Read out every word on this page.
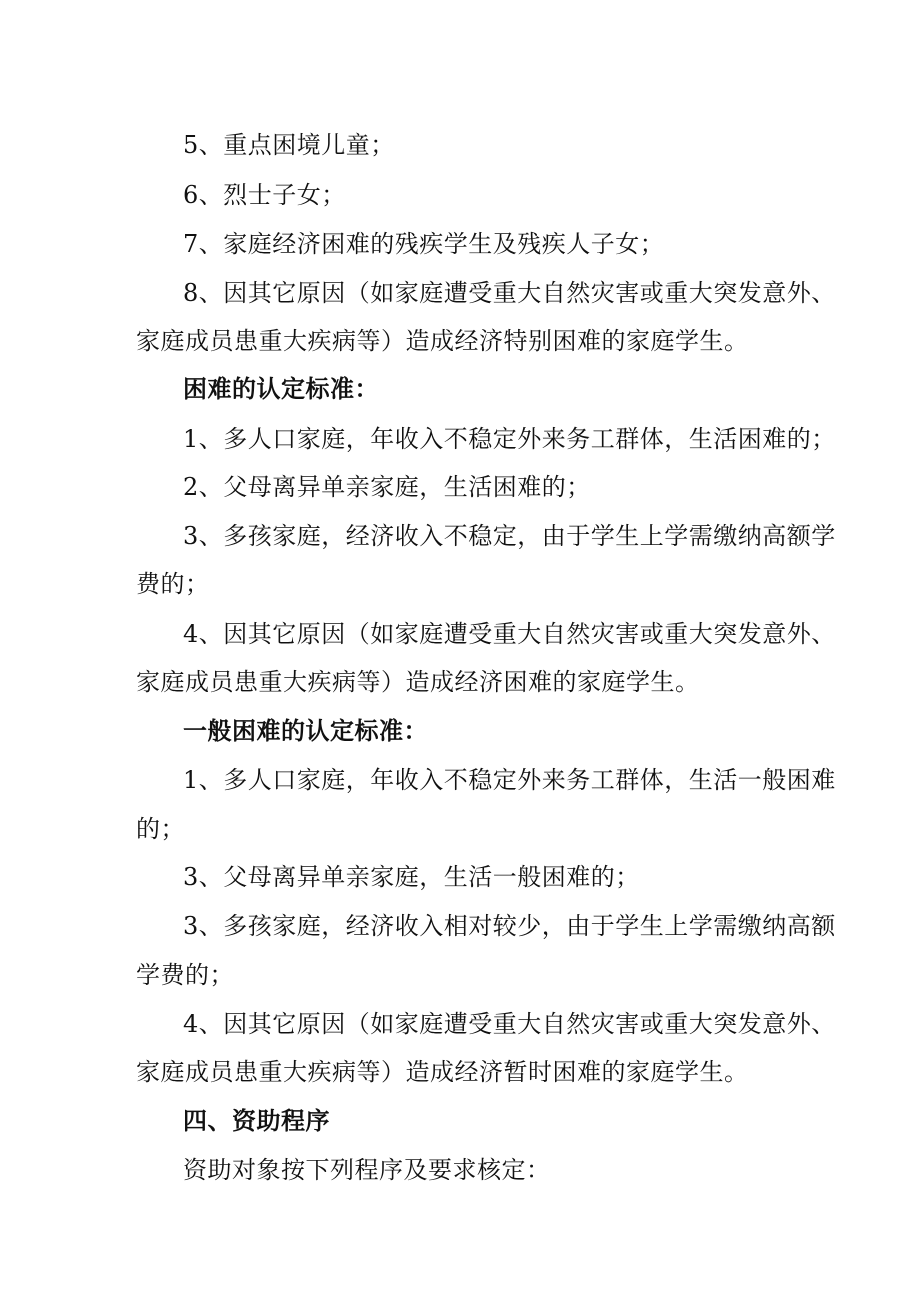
5、重点困境儿童；
6、烈士子女；
7、家庭经济困难的残疾学生及残疾人子女；
8、因其它原因（如家庭遭受重大自然灾害或重大突发意外、
家庭成员患重大疾病等）造成经济特别困难的家庭学生。
困难的认定标准：
1、多人口家庭，年收入不稳定外来务工群体，生活困难的；
2、父母离异单亲家庭，生活困难的；
3、多孩家庭，经济收入不稳定，由于学生上学需缴纳高额学
费的；
4、因其它原因（如家庭遭受重大自然灾害或重大突发意外、
家庭成员患重大疾病等）造成经济困难的家庭学生。
一般困难的认定标准：
1、多人口家庭，年收入不稳定外来务工群体，生活一般困难
的；
3、父母离异单亲家庭，生活一般困难的；
3、多孩家庭，经济收入相对较少，由于学生上学需缴纳高额
学费的；
4、因其它原因（如家庭遭受重大自然灾害或重大突发意外、
家庭成员患重大疾病等）造成经济暂时困难的家庭学生。
四、资助程序
资助对象按下列程序及要求核定：
